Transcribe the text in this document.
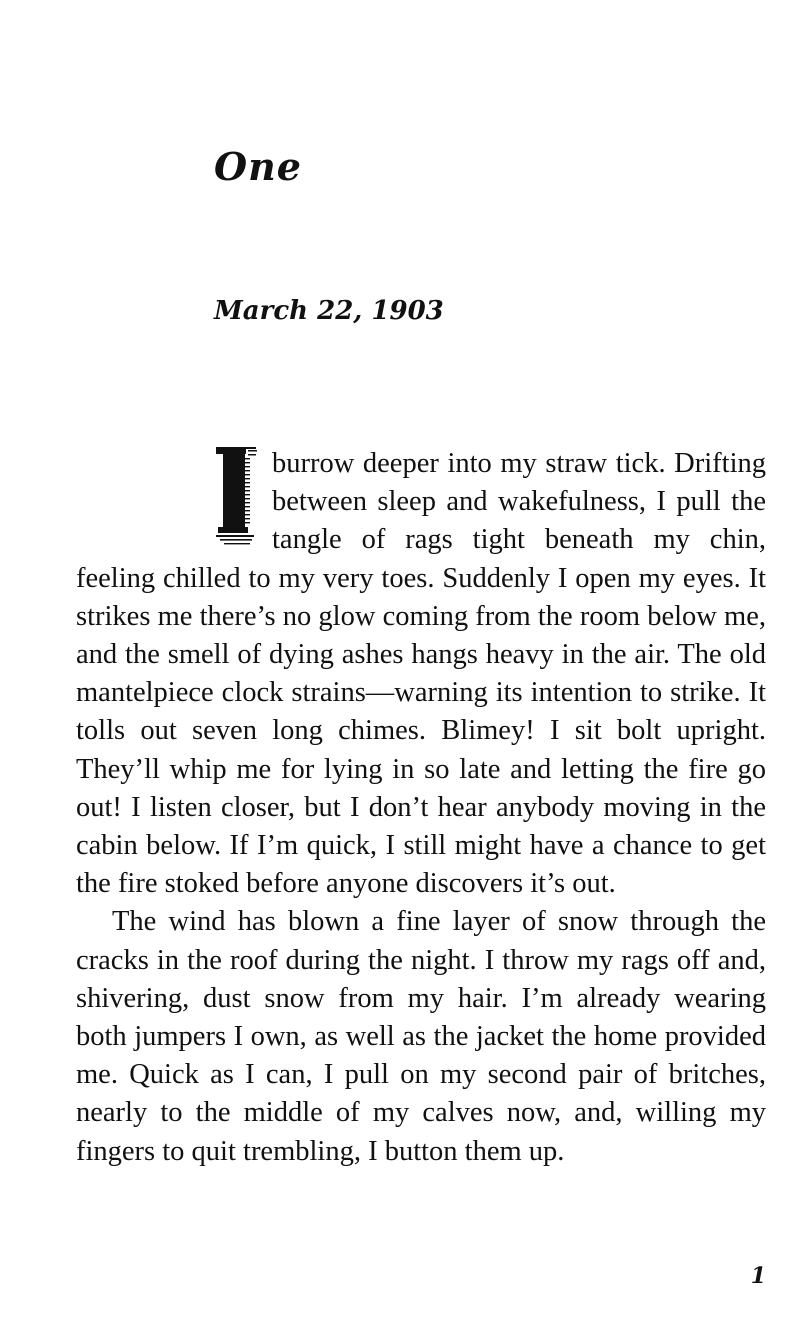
One
March 22, 1903

burrow deeper into my straw tick. Drifting between sleep and wakefulness, I pull the tangle of rags tight beneath my chin, feeling chilled to my very toes. Suddenly I open my eyes. It strikes me there’s no glow coming from the room below me, and the smell of dying ashes hangs heavy in the air. The old mantelpiece clock strains—warning its intention to strike. It tolls out seven long chimes. Blimey! I sit bolt upright. They’ll whip me for lying in so late and letting the fire go out! I listen closer, but I don’t hear anybody moving in the cabin below. If I’m quick, I still might have a chance to get the fire stoked before anyone discovers it’s out.

The wind has blown a fine layer of snow through the cracks in the roof during the night. I throw my rags off and, shivering, dust snow from my hair. I’m already wearing both jumpers I own, as well as the jacket the home provided me. Quick as I can, I pull on my second pair of britches, nearly to the middle of my calves now, and, willing my fingers to quit trembling, I button them up.

1
